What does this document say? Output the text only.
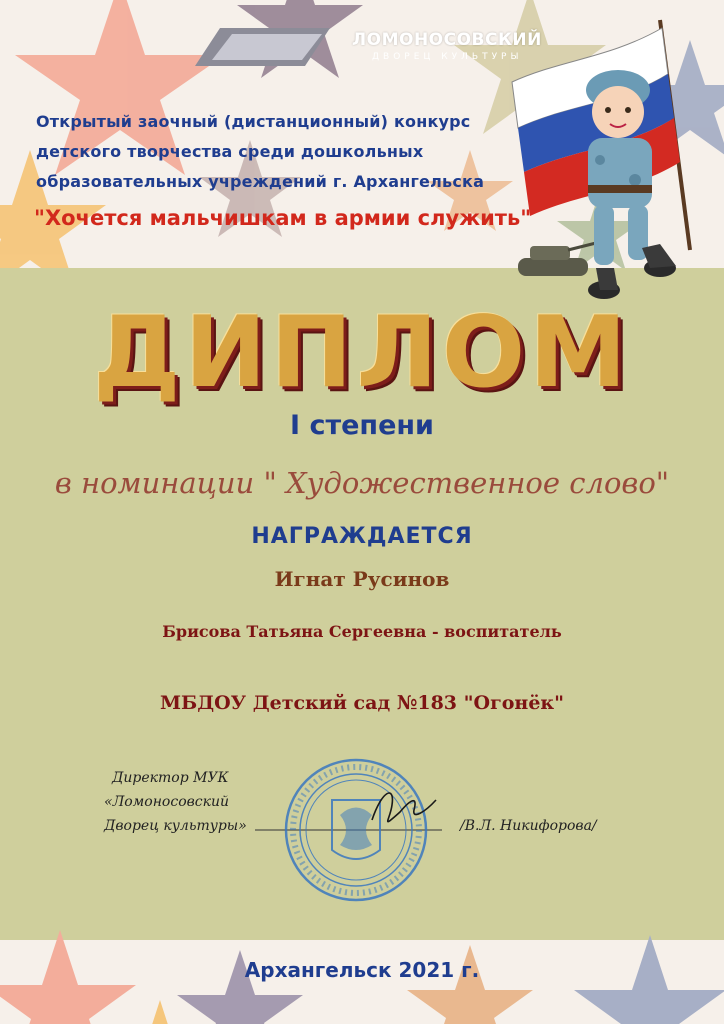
ЛОМОНОСОВСКИЙ
ДВОРЕЦ КУЛЬТУРЫ
Открытый заочный (дистанционный) конкурс
детского творчества среди дошкольных
образовательных учреждений г. Архангельска
"Хочется мальчишкам в армии служить"
ДИПЛОМ
I степени
в номинации " Художественное слово"
НАГРАЖДАЕТСЯ
Игнат Русинов
Брисова Татьяна Сергеевна - воспитатель
МБДОУ Детский сад №183 "Огонёк"
Директор МУК
«Ломоносовский
Дворец культуры»	/В.Л. Никифорова/
Архангельск 2021 г.
